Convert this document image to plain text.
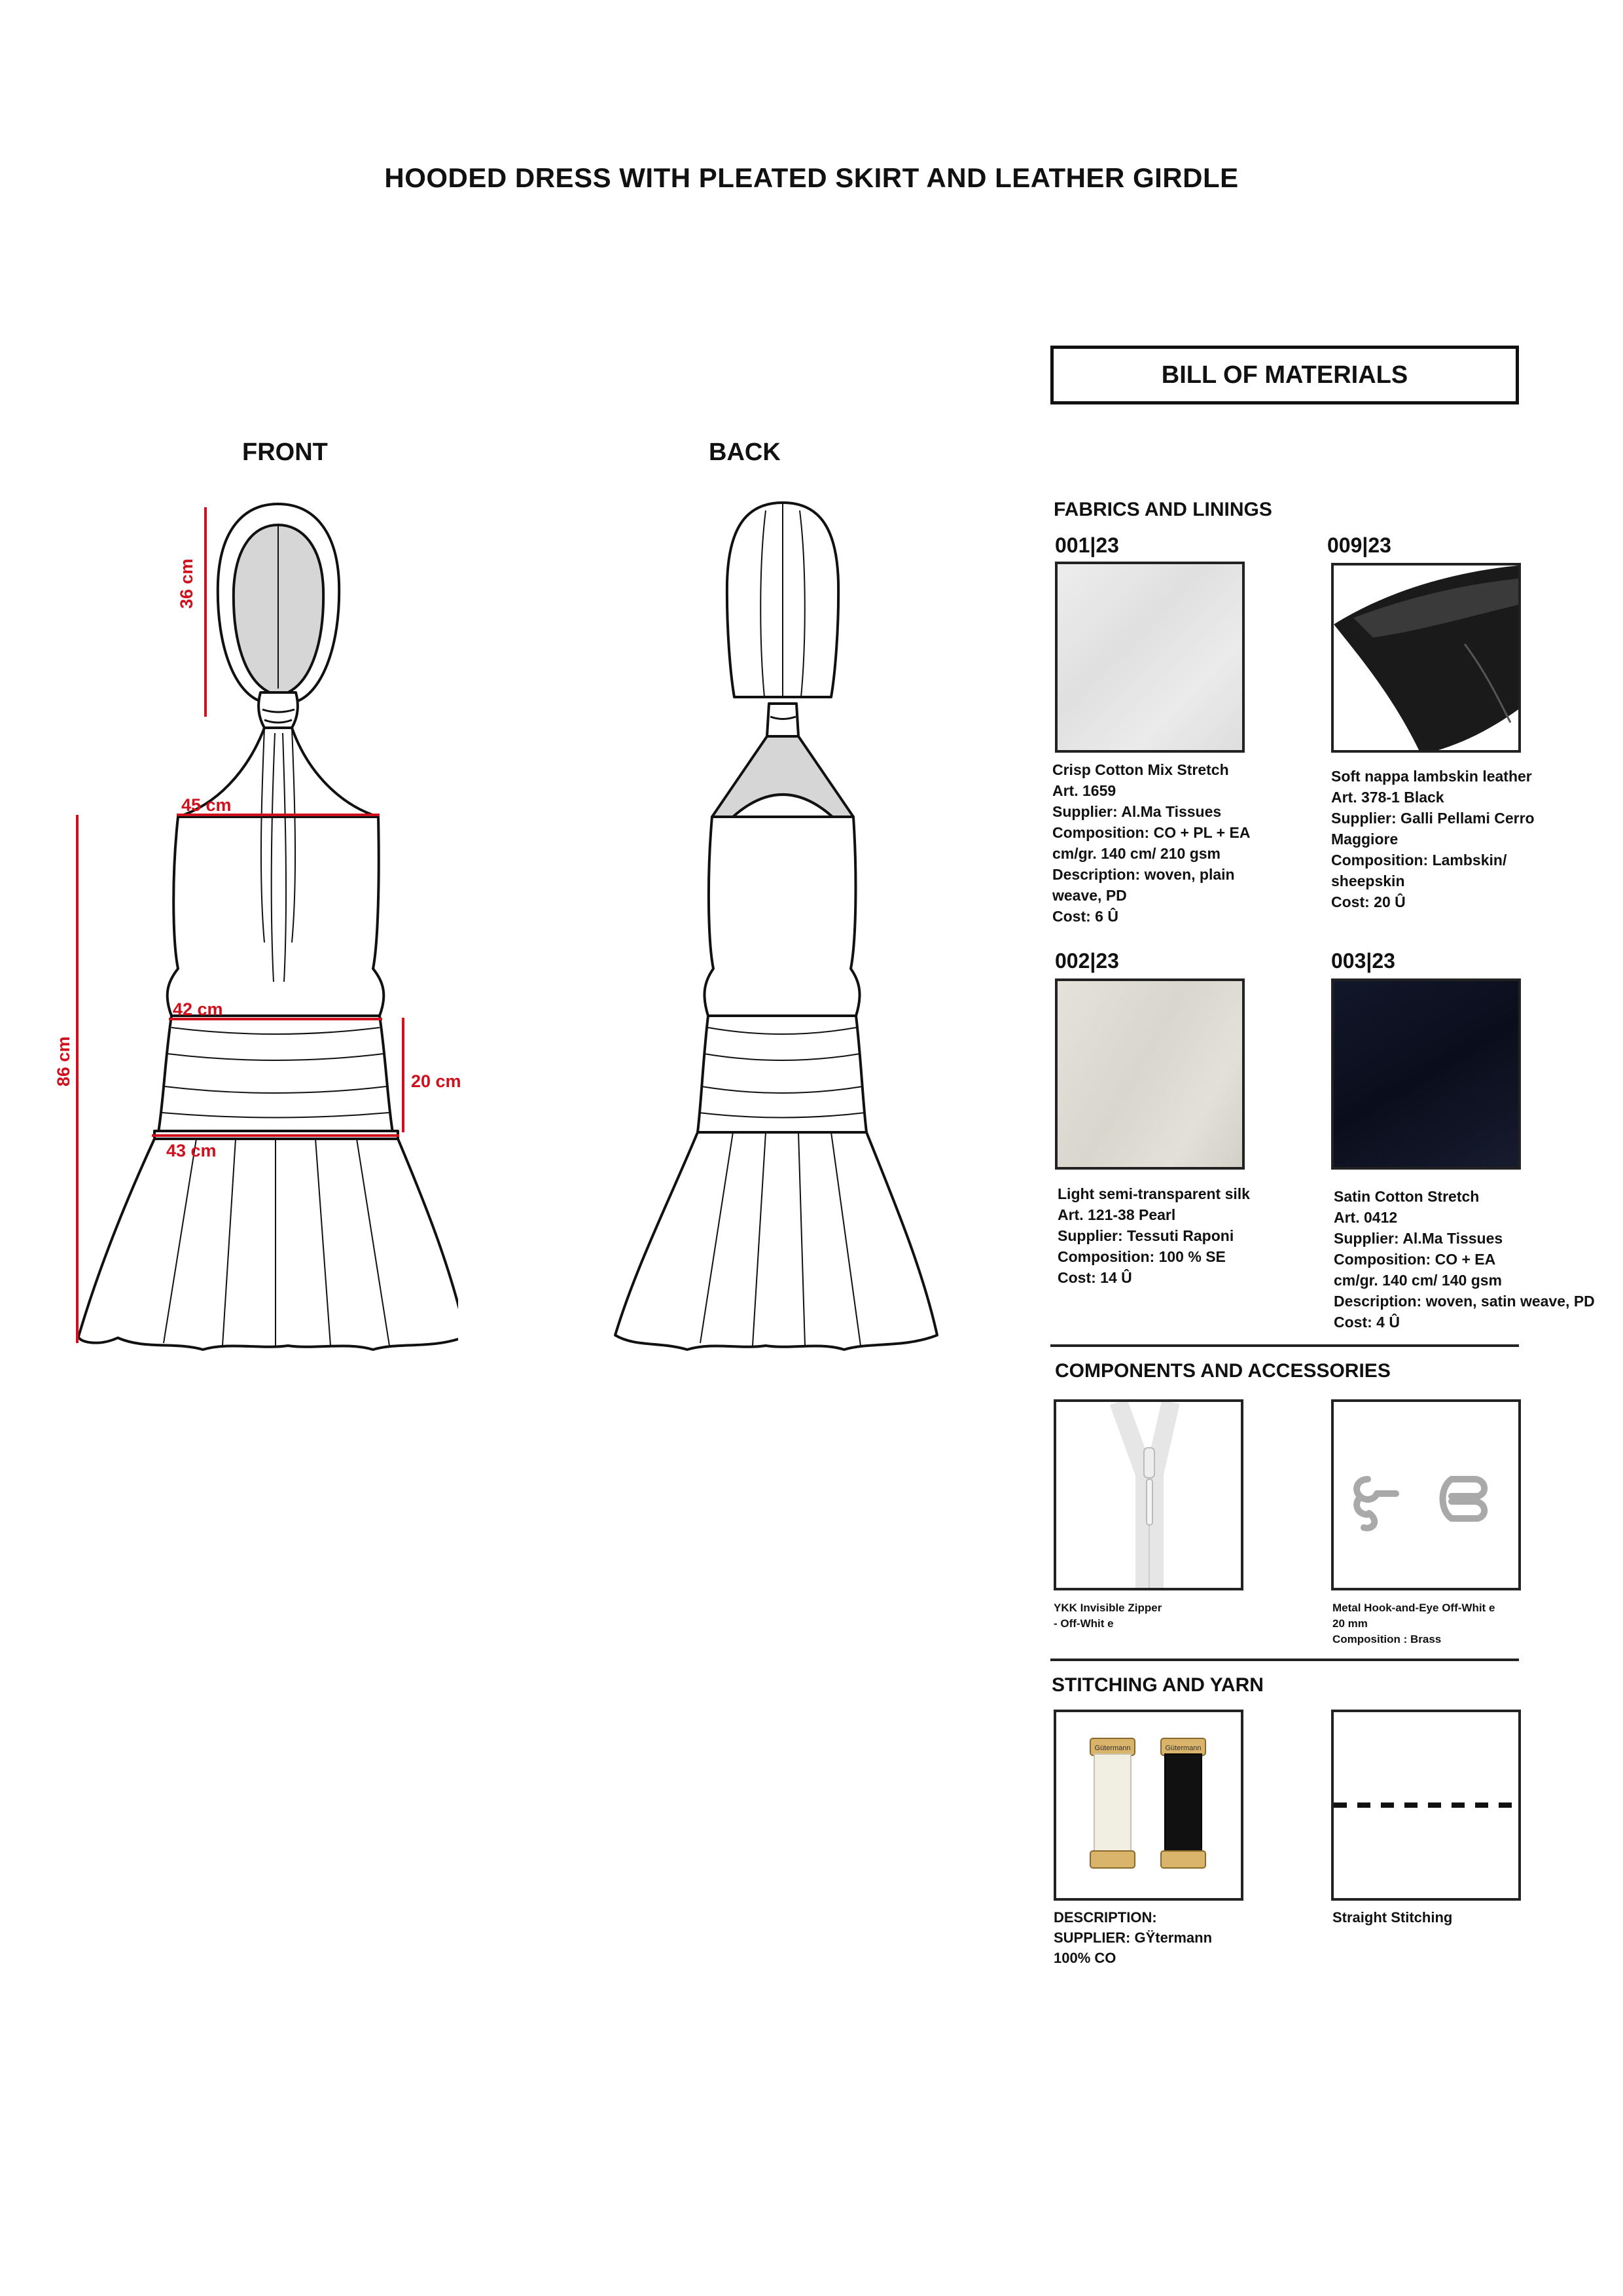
HOODED DRESS WITH PLEATED SKIRT AND LEATHER GIRDLE
FRONT	BACK
36 cm
86 cm
45 cm
42 cm
20 cm
43 cm
BILL OF MATERIALS
FABRICS AND LININGS
001|23
Crisp Cotton Mix Stretch
Art. 1659
Supplier: Al.Ma Tissues
Composition: CO + PL + EA
cm/gr. 140 cm/ 210 gsm
Description: woven, plain
weave, PD
Cost: 6 Û
009|23
Soft nappa lambskin leather
Art. 378-1 Black
Supplier: Galli Pellami Cerro
Maggiore
Composition: Lambskin/
sheepskin
Cost: 20 Û
002|23
Light semi-transparent silk
Art. 121-38 Pearl
Supplier: Tessuti Raponi
Composition: 100 % SE
Cost: 14 Û
003|23
Satin Cotton Stretch
Art. 0412
Supplier: Al.Ma Tissues
Composition: CO + EA
cm/gr. 140 cm/ 140 gsm
Description: woven, satin weave, PD
Cost: 4 Û
COMPONENTS AND ACCESSORIES
YKK Invisible Zipper
- Off-Whit e
Metal Hook-and-Eye Off-Whit e
20 mm
Composition : Brass
STITCHING AND YARN
Gütermann	Gütermann
DESCRIPTION:
SUPPLIER: GŸtermann
100% CO
Straight Stitching
